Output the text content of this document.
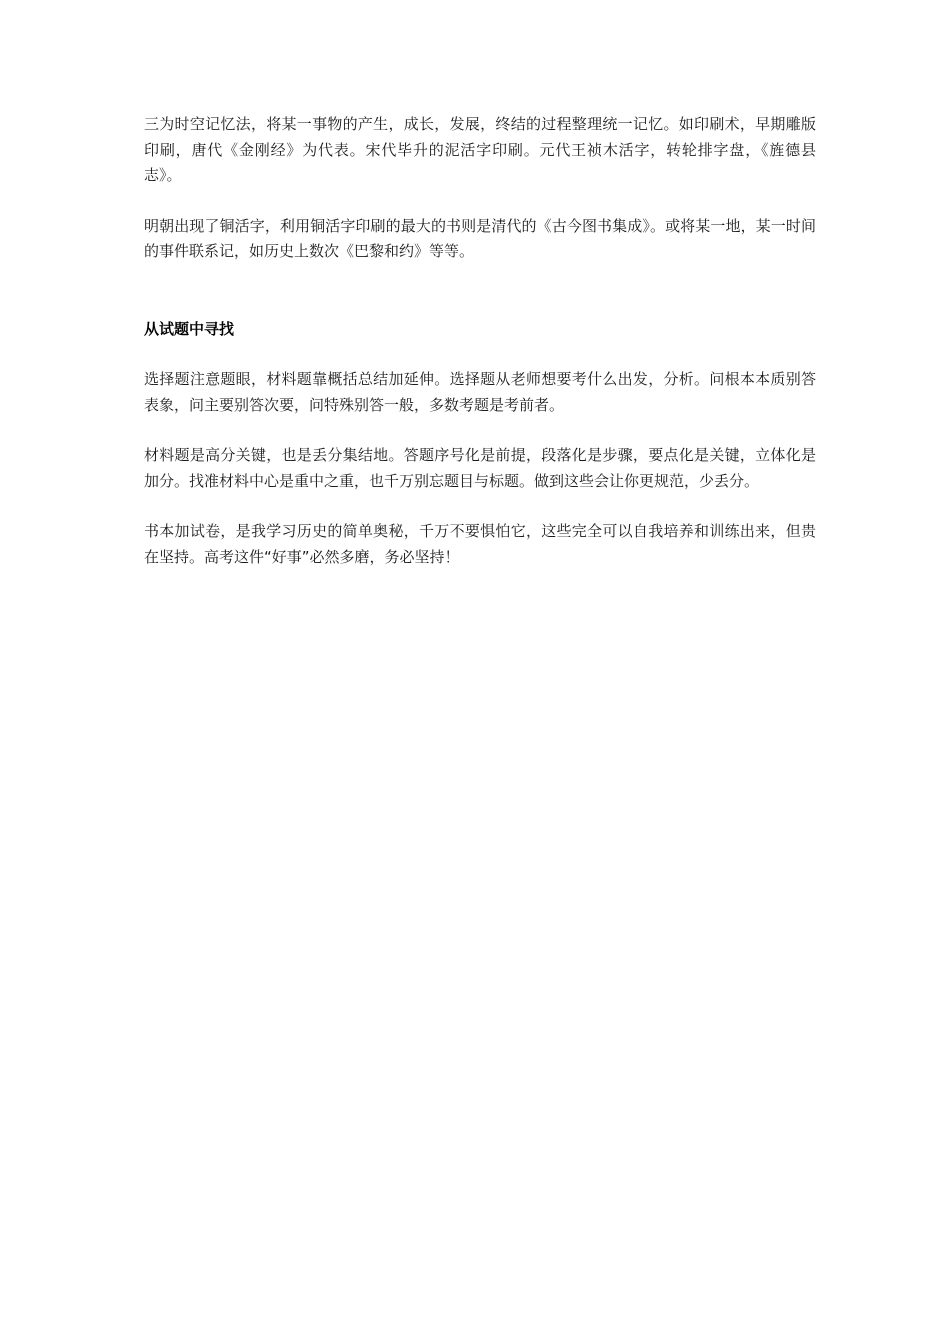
三为时空记忆法，将某一事物的产生，成长，发展，终结的过程整理统一记忆。如印刷术，早期雕版印刷，唐代《金刚经》为代表。宋代毕升的泥活字印刷。元代王祯木活字，转轮排字盘，《旌德县志》。

明朝出现了铜活字，利用铜活字印刷的最大的书则是清代的《古今图书集成》。或将某一地，某一时间的事件联系记，如历史上数次《巴黎和约》等等。

从试题中寻找

选择题注意题眼，材料题靠概括总结加延伸。选择题从老师想要考什么出发，分析。问根本本质别答表象，问主要别答次要，问特殊别答一般，多数考题是考前者。

材料题是高分关键，也是丢分集结地。答题序号化是前提，段落化是步骤，要点化是关键，立体化是加分。找准材料中心是重中之重，也千万别忘题目与标题。做到这些会让你更规范，少丢分。

书本加试卷，是我学习历史的简单奥秘，千万不要惧怕它，这些完全可以自我培养和训练出来，但贵在坚持。高考这件“好事”必然多磨，务必坚持！
